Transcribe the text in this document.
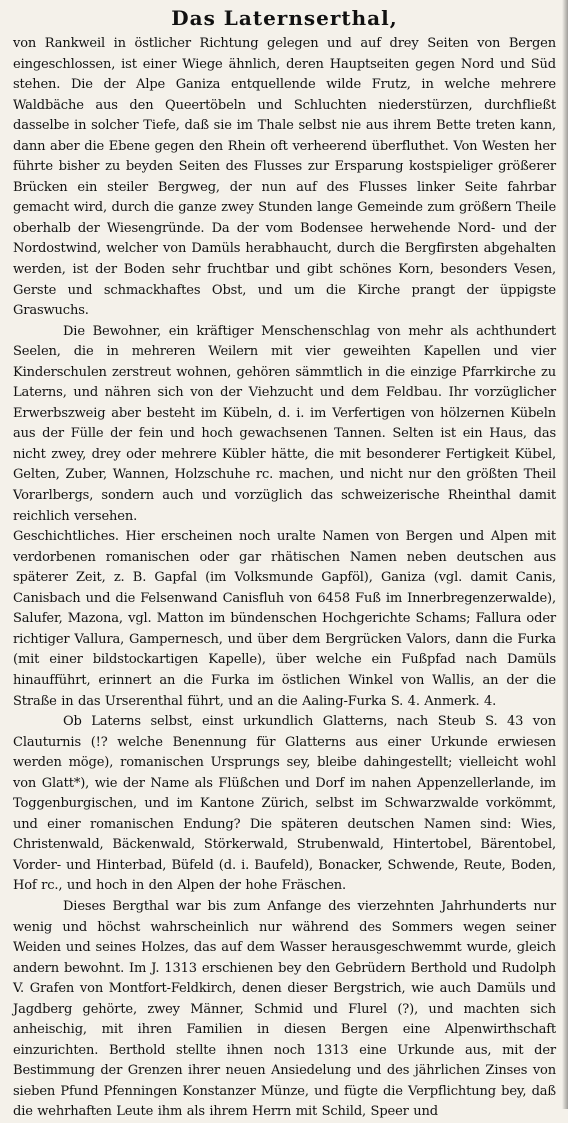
Das Laternserthal,

von Rankweil in östlicher Richtung gelegen und auf drey Seiten von Bergen eingeschlossen, ist einer Wiege ähnlich, deren Hauptseiten gegen Nord und Süd stehen. Die der Alpe Ganiza entquellende wilde Frutz, in welche mehrere Waldbäche aus den Queertöbeln und Schluchten niederstürzen, durchfließt dasselbe in solcher Tiefe, daß sie im Thale selbst nie aus ihrem Bette treten kann, dann aber die Ebene gegen den Rhein oft verheerend überfluthet. Von Westen her führte bisher zu beyden Seiten des Flusses zur Ersparung kostspieliger größerer Brücken ein steiler Bergweg, der nun auf des Flusses linker Seite fahrbar gemacht wird, durch die ganze zwey Stunden lange Gemeinde zum größern Theile oberhalb der Wiesengründe. Da der vom Bodensee herwehende Nord- und der Nordostwind, welcher von Damüls herabhaucht, durch die Bergfirsten abgehalten werden, ist der Boden sehr fruchtbar und gibt schönes Korn, besonders Vesen, Gerste und schmackhaftes Obst, und um die Kirche prangt der üppigste Graswuchs.

Die Bewohner, ein kräftiger Menschenschlag von mehr als achthundert Seelen, die in mehreren Weilern mit vier geweihten Kapellen und vier Kinderschulen zerstreut wohnen, gehören sämmtlich in die einzige Pfarrkirche zu Laterns, und nähren sich von der Viehzucht und dem Feldbau. Ihr vorzüglicher Erwerbszweig aber besteht im Kübeln, d. i. im Verfertigen von hölzernen Kübeln aus der Fülle der fein und hoch gewachsenen Tannen. Selten ist ein Haus, das nicht zwey, drey oder mehrere Kübler hätte, die mit besonderer Fertigkeit Kübel, Gelten, Zuber, Wannen, Holzschuhe rc. machen, und nicht nur den größten Theil Vorarlbergs, sondern auch und vorzüglich das schweizerische Rheinthal damit reichlich versehen.

Geschichtliches. Hier erscheinen noch uralte Namen von Bergen und Alpen mit verdorbenen romanischen oder gar rhätischen Namen neben deutschen aus späterer Zeit, z. B. Gapfal (im Volksmunde Gapföl), Ganiza (vgl. damit Canis, Canisbach und die Felsenwand Canisfluh von 6458 Fuß im Innerbregenzerwalde), Salufer, Mazona, vgl. Matton im bündenschen Hochgerichte Schams; Fallura oder richtiger Vallura, Gampernesch, und über dem Bergrücken Valors, dann die Furka (mit einer bildstockartigen Kapelle), über welche ein Fußpfad nach Damüls hinaufführt, erinnert an die Furka im östlichen Winkel von Wallis, an der die Straße in das Urserenthal führt, und an die Aaling-Furka S. 4. Anmerk. 4.

Ob Laterns selbst, einst urkundlich Glatterns, nach Steub S. 43 von Clauturnis (!? welche Benennung für Glatterns aus einer Urkunde erwiesen werden möge), romanischen Ursprungs sey, bleibe dahingestellt; vielleicht wohl von Glatt*), wie der Name als Flüßchen und Dorf im nahen Appenzellerlande, im Toggenburgischen, und im Kantone Zürich, selbst im Schwarzwalde vorkömmt, und einer romanischen Endung? Die späteren deutschen Namen sind: Wies, Christenwald, Bäckenwald, Störkerwald, Strubenwald, Hintertobel, Bärentobel, Vorder- und Hinterbad, Büfeld (d. i. Baufeld), Bonacker, Schwende, Reute, Boden, Hof rc., und hoch in den Alpen der hohe Fräschen.

Dieses Bergthal war bis zum Anfange des vierzehnten Jahrhunderts nur wenig und höchst wahrscheinlich nur während des Sommers wegen seiner Weiden und seines Holzes, das auf dem Wasser herausgeschwemmt wurde, gleich andern bewohnt. Im J. 1313 erschienen bey den Gebrüdern Berthold und Rudolph V. Grafen von Montfort-Feldkirch, denen dieser Bergstrich, wie auch Damüls und Jagdberg gehörte, zwey Männer, Schmid und Flurel (?), und machten sich anheischig, mit ihren Familien in diesen Bergen eine Alpenwirthschaft einzurichten. Berthold stellte ihnen noch 1313 eine Urkunde aus, mit der Bestimmung der Grenzen ihrer neuen Ansiedelung und des jährlichen Zinses von sieben Pfund Pfenningen Konstanzer Münze, und fügte die Verpflichtung bey, daß die wehrhaften Leute ihm als ihrem Herrn mit Schild, Speer und
